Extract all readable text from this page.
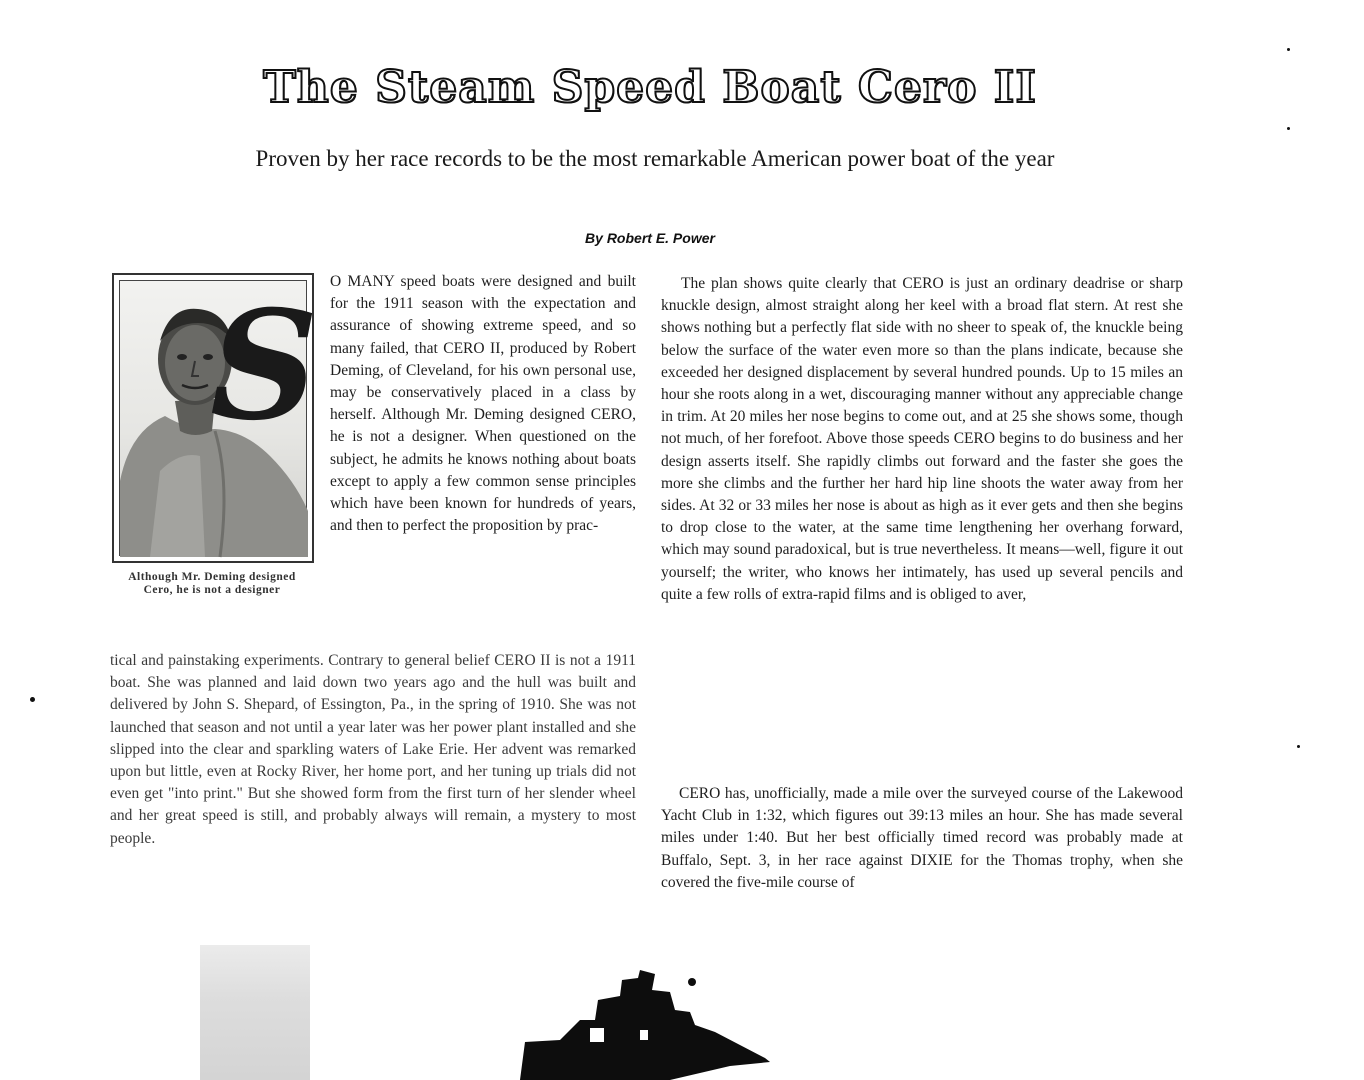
The Steam Speed Boat Cero II
Proven by her race records to be the most remarkable American power boat of the year
By Robert E. Power
S
Although Mr. Deming designed Cero, he is not a designer
O MANY speed boats were designed and built for the 1911 season with the expectation and assurance of showing extreme speed, and so many failed, that CERO II, produced by Robert Deming, of Cleveland, for his own personal use, may be conservatively placed in a class by herself. Although Mr. Deming designed CERO, he is not a designer. When questioned on the subject, he admits he knows nothing about boats except to apply a few common sense principles which have been known for hundreds of years, and then to perfect the proposition by prac-
tical and painstaking experiments. Contrary to general belief CERO II is not a 1911 boat. She was planned and laid down two years ago and the hull was built and delivered by John S. Shepard, of Essington, Pa., in the spring of 1910. She was not launched that season and not until a year later was her power plant installed and she slipped into the clear and sparkling waters of Lake Erie. Her advent was remarked upon but little, even at Rocky River, her home port, and her tuning up trials did not even get "into print." But she showed form from the first turn of her slender wheel and her great speed is still, and probably always will remain, a mystery to most people.
The plan shows quite clearly that CERO is just an ordinary deadrise or sharp knuckle design, almost straight along her keel with a broad flat stern. At rest she shows nothing but a perfectly flat side with no sheer to speak of, the knuckle being below the surface of the water even more so than the plans indicate, because she exceeded her designed displacement by several hundred pounds. Up to 15 miles an hour she roots along in a wet, discouraging manner without any appreciable change in trim. At 20 miles her nose begins to come out, and at 25 she shows some, though not much, of her forefoot. Above those speeds CERO begins to do business and her design asserts itself. She rapidly climbs out forward and the faster she goes the more she climbs and the further her hard hip line shoots the water away from her sides. At 32 or 33 miles her nose is about as high as it ever gets and then she begins to drop close to the water, at the same time lengthening her overhang forward, which may sound paradoxical, but is true nevertheless. It means—well, figure it out yourself; the writer, who knows her intimately, has used up several pencils and quite a few rolls of extra-rapid films and is obliged to aver,
CERO has, unofficially, made a mile over the surveyed course of the Lakewood Yacht Club in 1:32, which figures out 39:13 miles an hour. She has made several miles under 1:40. But her best officially timed record was probably made at Buffalo, Sept. 3, in her race against DIXIE for the Thomas trophy, when she covered the five-mile course of
